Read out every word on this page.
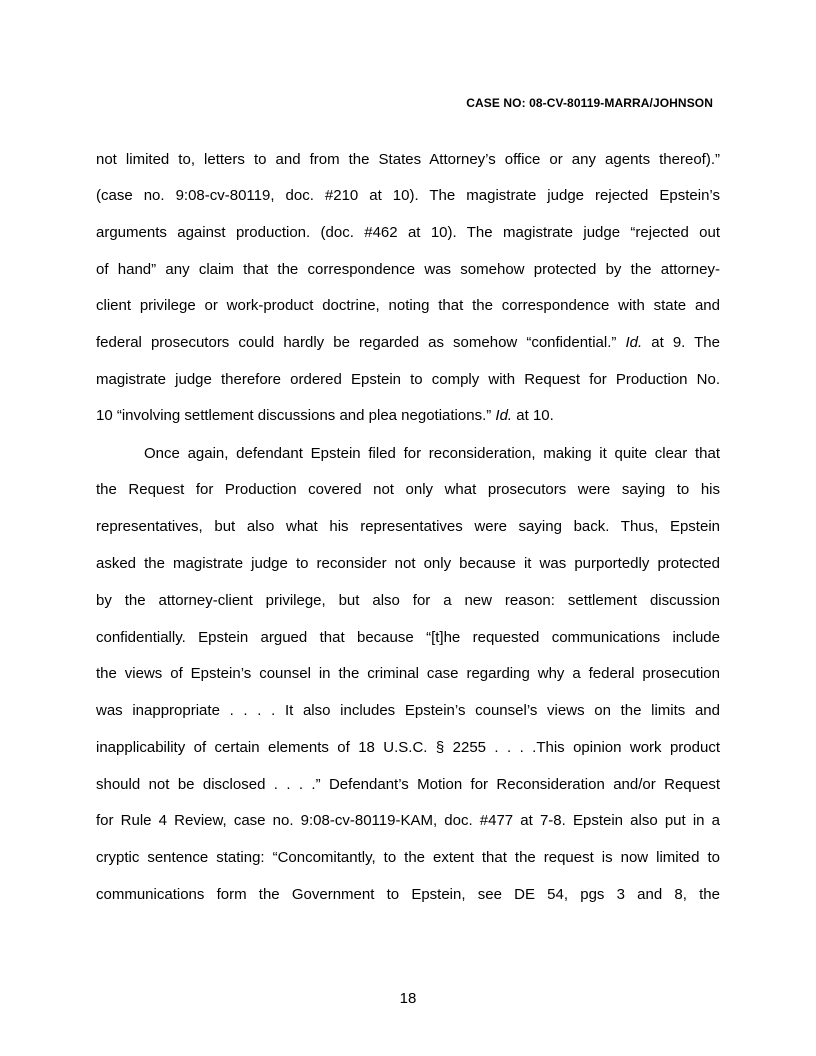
CASE NO: 08-CV-80119-MARRA/JOHNSON
not limited to, letters to and from the States Attorney’s office or any agents thereof).”
(case no. 9:08-cv-80119, doc. #210 at 10). The magistrate judge rejected Epstein’s
arguments against production. (doc. #462 at 10). The magistrate judge “rejected out
of hand” any claim that the correspondence was somehow protected by the attorney-
client privilege or work-product doctrine, noting that the correspondence with state and
federal prosecutors could hardly be regarded as somehow “confidential.” Id. at 9. The
magistrate judge therefore ordered Epstein to comply with Request for Production No.
10 “involving settlement discussions and plea negotiations.” Id. at 10.
Once again, defendant Epstein filed for reconsideration, making it quite clear that
the Request for Production covered not only what prosecutors were saying to his
representatives, but also what his representatives were saying back. Thus, Epstein
asked the magistrate judge to reconsider not only because it was purportedly protected
by the attorney-client privilege, but also for a new reason: settlement discussion
confidentially. Epstein argued that because “[t]he requested communications include
the views of Epstein’s counsel in the criminal case regarding why a federal prosecution
was inappropriate . . . . It also includes Epstein’s counsel’s views on the limits and
inapplicability of certain elements of 18 U.S.C. § 2255 . . . .This opinion work product
should not be disclosed . . . .” Defendant’s Motion for Reconsideration and/or Request
for Rule 4 Review, case no. 9:08-cv-80119-KAM, doc. #477 at 7-8. Epstein also put in a
cryptic sentence stating: “Concomitantly, to the extent that the request is now limited to
communications form the Government to Epstein, see DE 54, pgs 3 and 8, the
18
